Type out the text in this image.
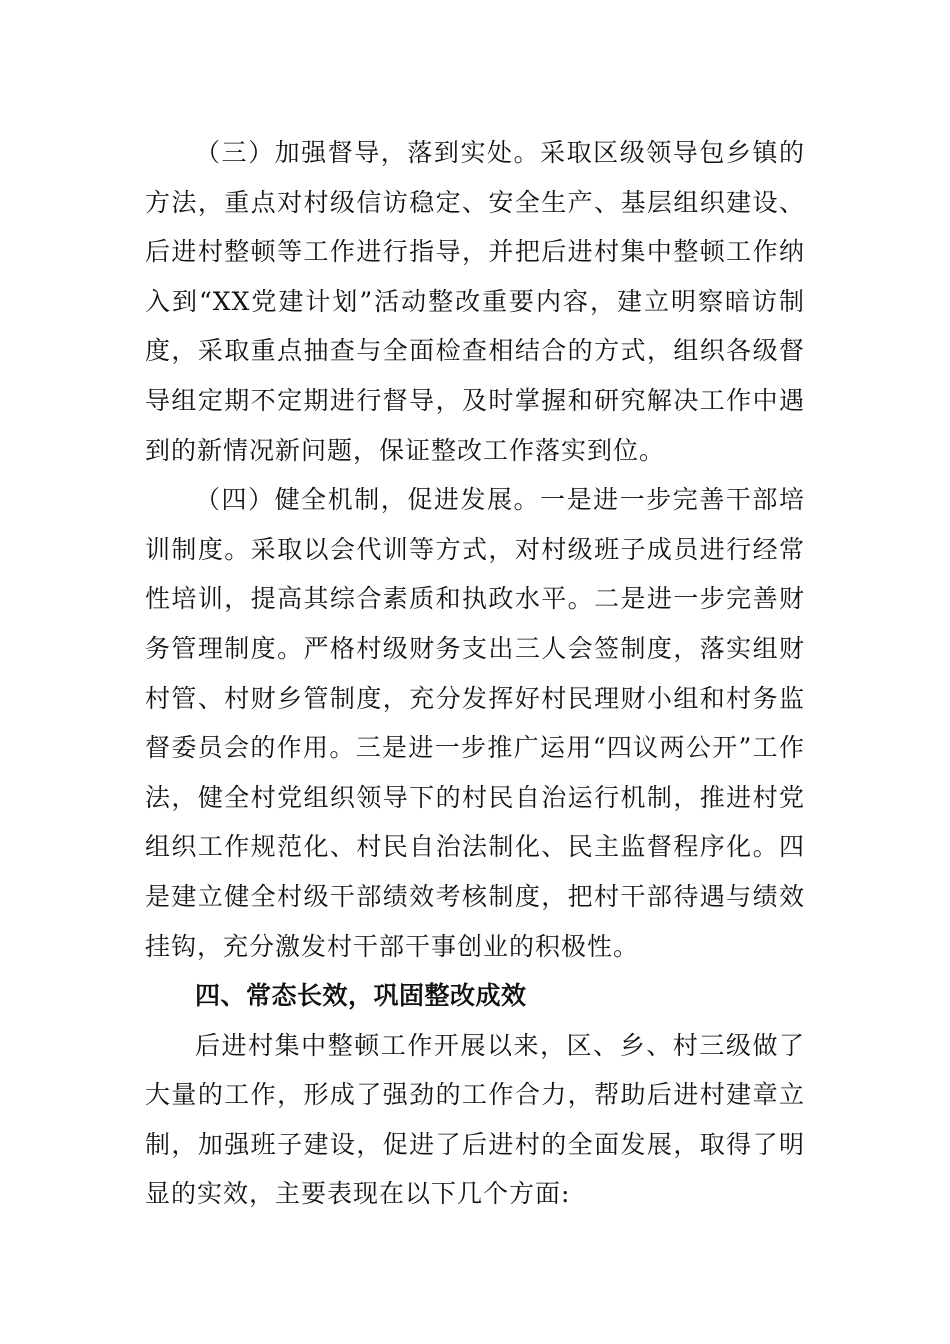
（三）加强督导，落到实处。采取区级领导包乡镇的方法，重点对村级信访稳定、安全生产、基层组织建设、后进村整顿等工作进行指导，并把后进村集中整顿工作纳入到“XX党建计划”活动整改重要内容，建立明察暗访制度，采取重点抽查与全面检查相结合的方式，组织各级督导组定期不定期进行督导，及时掌握和研究解决工作中遇到的新情况新问题，保证整改工作落实到位。

（四）健全机制，促进发展。一是进一步完善干部培训制度。采取以会代训等方式，对村级班子成员进行经常性培训，提高其综合素质和执政水平。二是进一步完善财务管理制度。严格村级财务支出三人会签制度，落实组财村管、村财乡管制度，充分发挥好村民理财小组和村务监督委员会的作用。三是进一步推广运用“四议两公开”工作法，健全村党组织领导下的村民自治运行机制，推进村党组织工作规范化、村民自治法制化、民主监督程序化。四是建立健全村级干部绩效考核制度，把村干部待遇与绩效挂钩，充分激发村干部干事创业的积极性。

四、常态长效，巩固整改成效

后进村集中整顿工作开展以来，区、乡、村三级做了大量的工作，形成了强劲的工作合力，帮助后进村建章立制，加强班子建设，促进了后进村的全面发展，取得了明显的实效，主要表现在以下几个方面:
